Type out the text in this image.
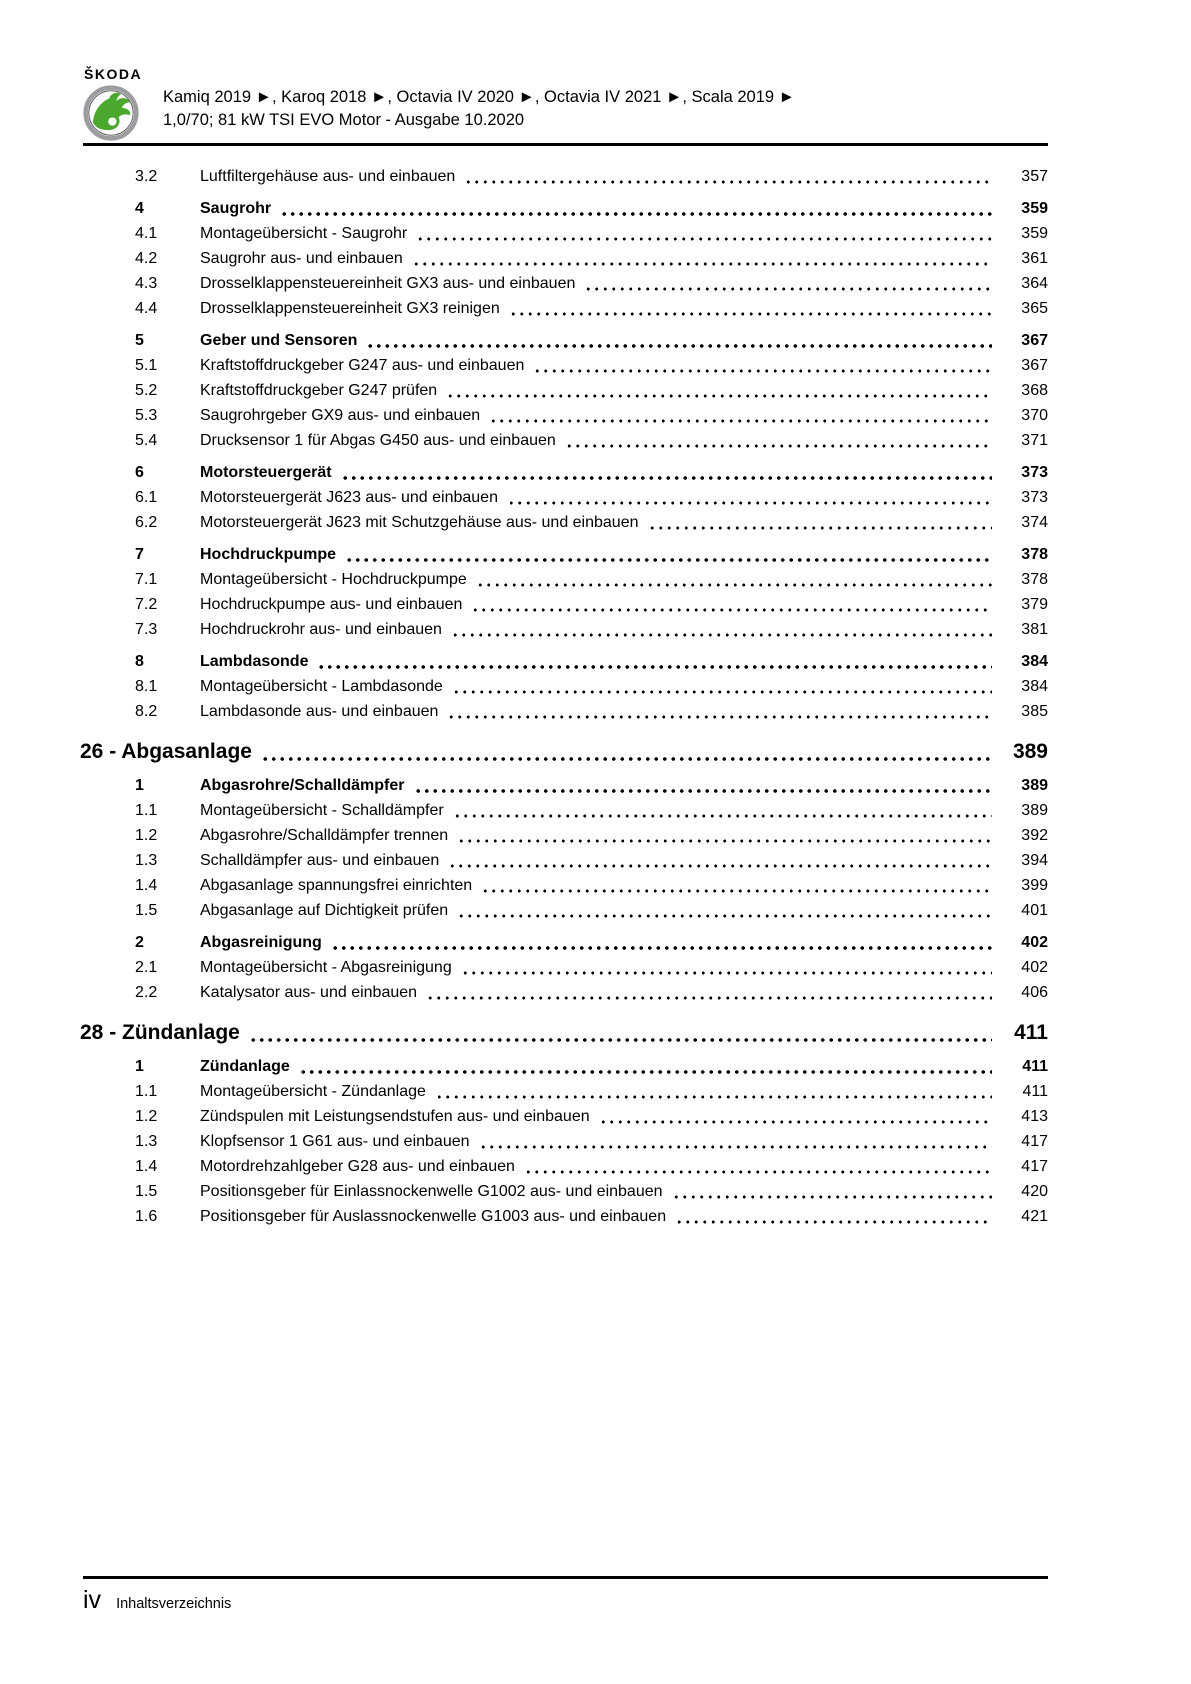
ŠKODA
Kamiq 2019 ►, Karoq 2018 ►, Octavia IV 2020 ►, Octavia IV 2021 ►, Scala 2019 ►
1,0/70; 81 kW TSI EVO Motor - Ausgabe 10.2020
3.2	Luftfiltergehäuse aus- und einbauen	357
4	Saugrohr	359
4.1	Montageübersicht - Saugrohr	359
4.2	Saugrohr aus- und einbauen	361
4.3	Drosselklappensteuereinheit GX3 aus- und einbauen	364
4.4	Drosselklappensteuereinheit GX3 reinigen	365
5	Geber und Sensoren	367
5.1	Kraftstoffdruckgeber G247 aus- und einbauen	367
5.2	Kraftstoffdruckgeber G247 prüfen	368
5.3	Saugrohrgeber GX9 aus- und einbauen	370
5.4	Drucksensor 1 für Abgas G450 aus- und einbauen	371
6	Motorsteuergerät	373
6.1	Motorsteuergerät J623 aus- und einbauen	373
6.2	Motorsteuergerät J623 mit Schutzgehäuse aus- und einbauen	374
7	Hochdruckpumpe	378
7.1	Montageübersicht - Hochdruckpumpe	378
7.2	Hochdruckpumpe aus- und einbauen	379
7.3	Hochdruckrohr aus- und einbauen	381
8	Lambdasonde	384
8.1	Montageübersicht - Lambdasonde	384
8.2	Lambdasonde aus- und einbauen	385
26 - Abgasanlage	389
1	Abgasrohre/Schalldämpfer	389
1.1	Montageübersicht - Schalldämpfer	389
1.2	Abgasrohre/Schalldämpfer trennen	392
1.3	Schalldämpfer aus- und einbauen	394
1.4	Abgasanlage spannungsfrei einrichten	399
1.5	Abgasanlage auf Dichtigkeit prüfen	401
2	Abgasreinigung	402
2.1	Montageübersicht - Abgasreinigung	402
2.2	Katalysator aus- und einbauen	406
28 - Zündanlage	411
1	Zündanlage	411
1.1	Montageübersicht - Zündanlage	411
1.2	Zündspulen mit Leistungsendstufen aus- und einbauen	413
1.3	Klopfsensor 1 G61 aus- und einbauen	417
1.4	Motordrehzahlgeber G28 aus- und einbauen	417
1.5	Positionsgeber für Einlassnockenwelle G1002 aus- und einbauen	420
1.6	Positionsgeber für Auslassnockenwelle G1003 aus- und einbauen	421
iv Inhaltsverzeichnis
